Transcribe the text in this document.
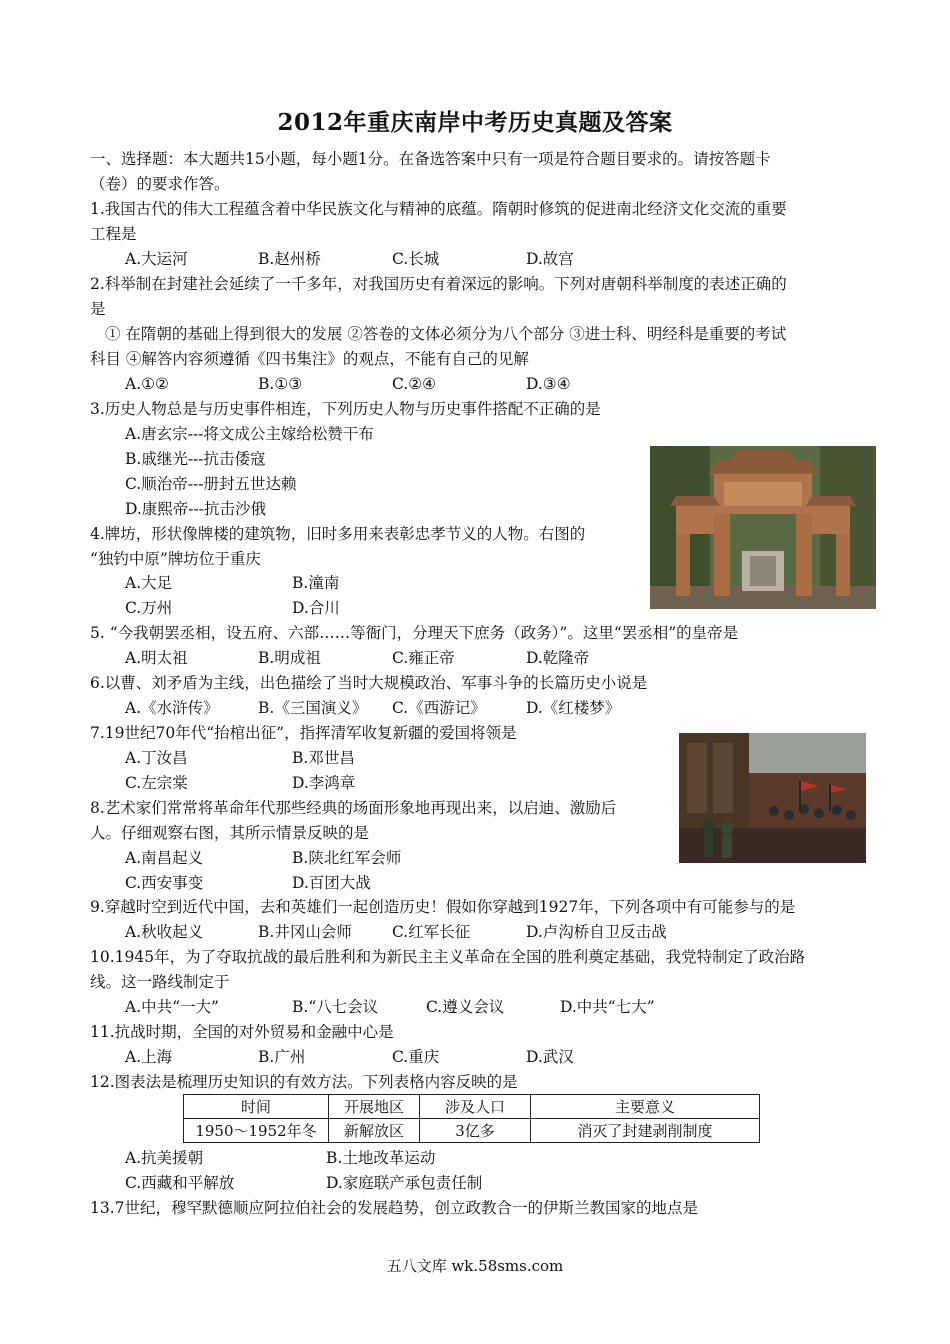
2012年重庆南岸中考历史真题及答案
一、选择题：本大题共15小题，每小题1分。在备选答案中只有一项是符合题目要求的。请按答题卡
（卷）的要求作答。
1.我国古代的伟大工程蕴含着中华民族文化与精神的底蕴。隋朝时修筑的促进南北经济文化交流的重要
工程是
A.大运河	B.赵州桥	C.长城	D.故宫
2.科举制在封建社会延续了一千多年，对我国历史有着深远的影响。下列对唐朝科举制度的表述正确的
是
① 在隋朝的基础上得到很大的发展 ②答卷的文体必须分为八个部分 ③进士科、明经科是重要的考试
科目 ④解答内容须遵循《四书集注》的观点，不能有自己的见解
A.①②	B.①③	C.②④	D.③④
3.历史人物总是与历史事件相连，下列历史人物与历史事件搭配不正确的是
A.唐玄宗---将文成公主嫁给松赞干布
B.戚继光---抗击倭寇
C.顺治帝---册封五世达赖
D.康熙帝---抗击沙俄
4.牌坊，形状像牌楼的建筑物，旧时多用来表彰忠孝节义的人物。右图的
“独钓中原”牌坊位于重庆
A.大足	B.潼南
C.万州	D.合川
5. “今我朝罢丞相，设五府、六部……等衙门，分理天下庶务（政务）”。这里“罢丞相”的皇帝是
A.明太祖	B.明成祖	C.雍正帝	D.乾隆帝
6.以曹、刘矛盾为主线，出色描绘了当时大规模政治、军事斗争的长篇历史小说是
A.《水浒传》	B.《三国演义》 C.《西游记》	D.《红楼梦》
7.19世纪70年代“抬棺出征”，指挥清军收复新疆的爱国将领是
A.丁汝昌	B.邓世昌
C.左宗棠	D.李鸿章
8.艺术家们常常将革命年代那些经典的场面形象地再现出来，以启迪、激励后
人。仔细观察右图，其所示情景反映的是
A.南昌起义	B.陕北红军会师
C.西安事变	D.百团大战
9.穿越时空到近代中国，去和英雄们一起创造历史！假如你穿越到1927年，下列各项中有可能参与的是
A.秋收起义	B.井冈山会师	C.红军长征	D.卢沟桥自卫反击战
10.1945年，为了夺取抗战的最后胜利和为新民主主义革命在全国的胜利奠定基础，我党特制定了政治路
线。这一路线制定于
A.中共“一大”	B.“八七会议	C.遵义会议	D.中共“七大”
11.抗战时期，全国的对外贸易和金融中心是
A.上海	B.广州	C.重庆	D.武汉
12.图表法是梳理历史知识的有效方法。下列表格内容反映的是
时间	开展地区	涉及人口	主要意义
1950～1952年冬	新解放区	3亿多	消灭了封建剥削制度
A.抗美援朝	B.土地改革运动
C.西藏和平解放	D.家庭联产承包责任制
13.7世纪，穆罕默德顺应阿拉伯社会的发展趋势，创立政教合一的伊斯兰教国家的地点是
五八文库 wk.58sms.com
